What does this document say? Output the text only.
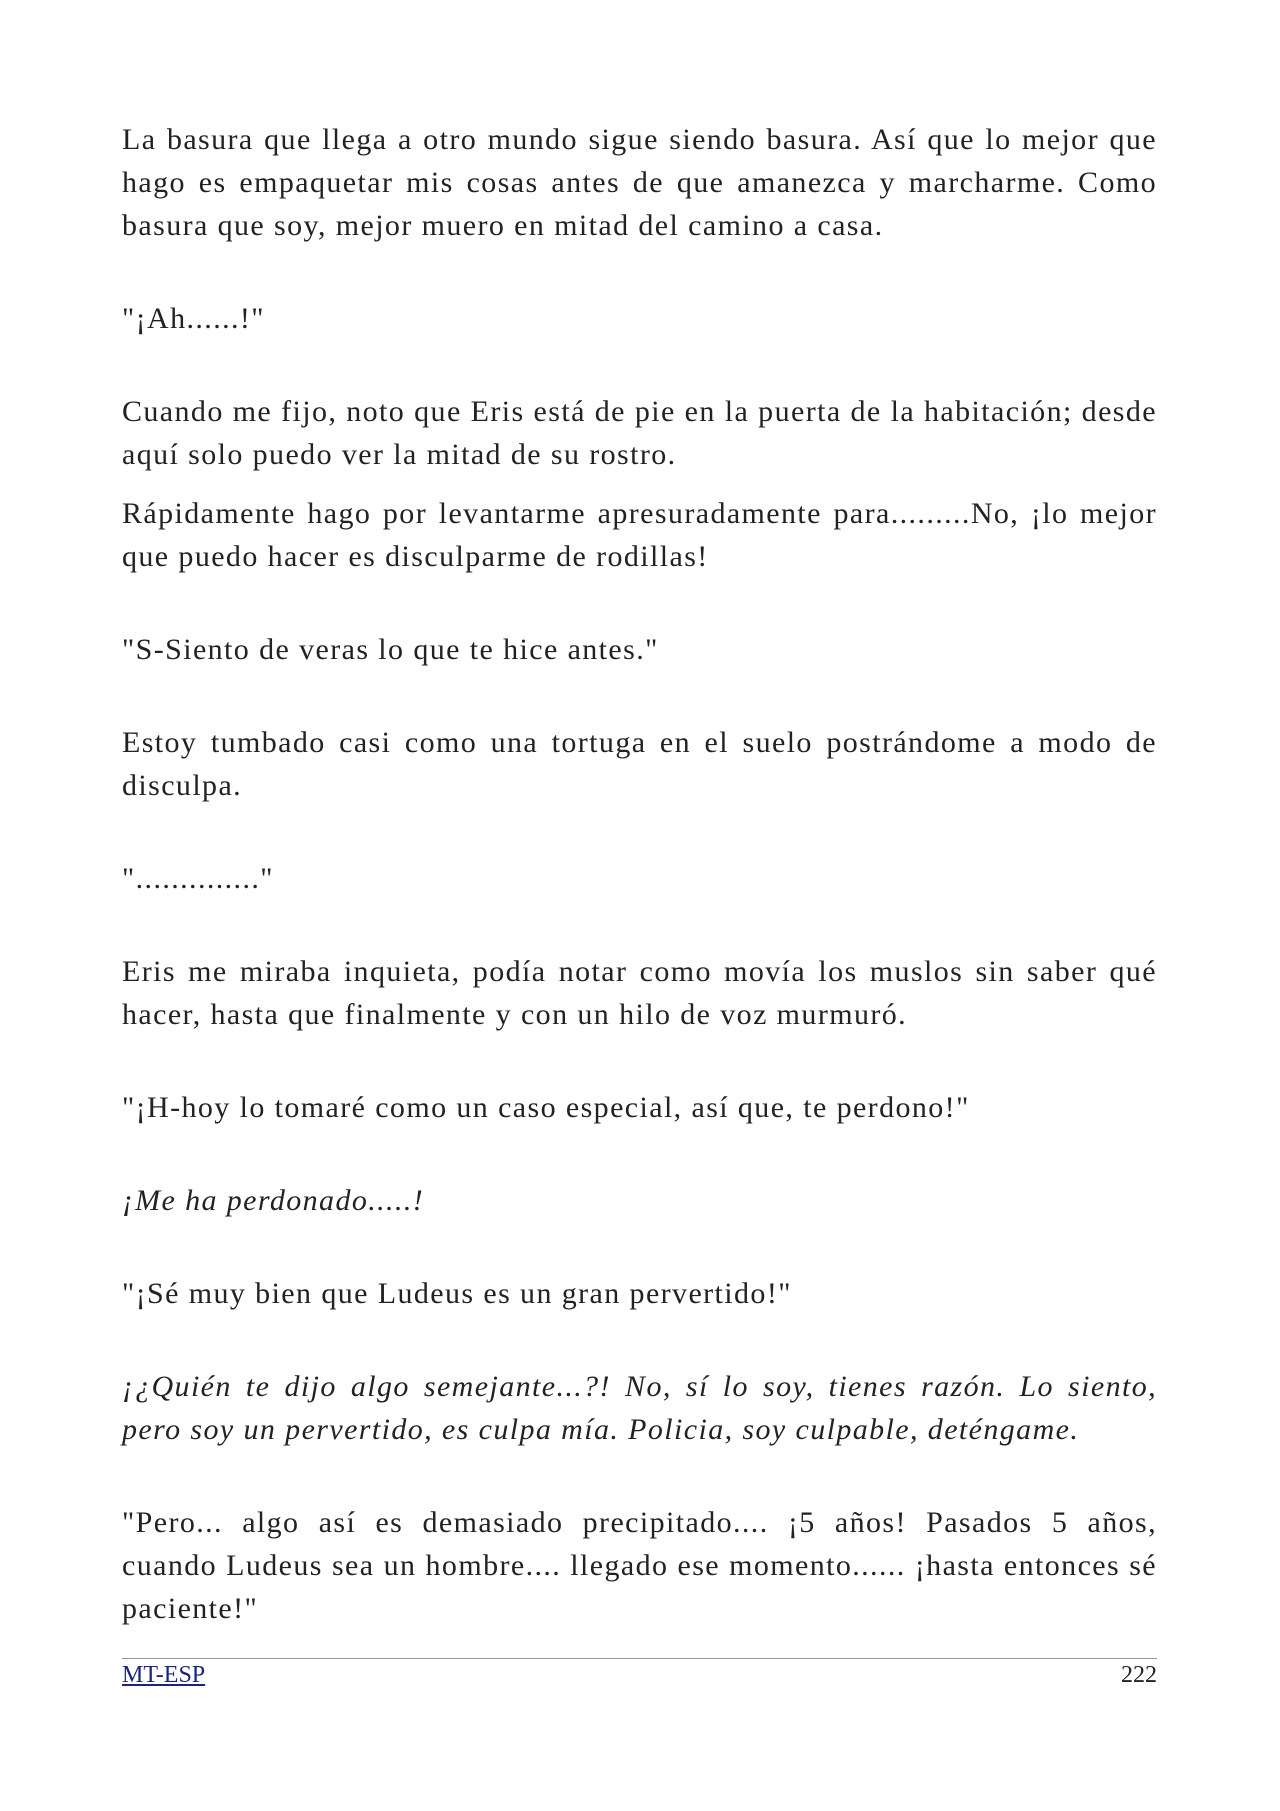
La basura que llega a otro mundo sigue siendo basura. Así que lo mejor que hago es empaquetar mis cosas antes de que amanezca y marcharme. Como basura que soy, mejor muero en mitad del camino a casa.

"¡Ah......!"

Cuando me fijo, noto que Eris está de pie en la puerta de la habitación; desde aquí solo puedo ver la mitad de su rostro.

Rápidamente hago por levantarme apresuradamente para.........No, ¡lo mejor que puedo hacer es disculparme de rodillas!

"S-Siento de veras lo que te hice antes."

Estoy tumbado casi como una tortuga en el suelo postrándome a modo de disculpa.

".............."

Eris me miraba inquieta, podía notar como movía los muslos sin saber qué hacer, hasta que finalmente y con un hilo de voz murmuró.

"¡H-hoy lo tomaré como un caso especial, así que, te perdono!"

¡Me ha perdonado.....!

"¡Sé muy bien que Ludeus es un gran pervertido!"

¡¿Quién te dijo algo semejante...?! No, sí lo soy, tienes razón. Lo siento, pero soy un pervertido, es culpa mía. Policia, soy culpable, deténgame.

"Pero... algo así es demasiado precipitado.... ¡5 años! Pasados 5 años, cuando Ludeus sea un hombre.... llegado ese momento...... ¡hasta entonces sé paciente!"

MT-ESP	222
